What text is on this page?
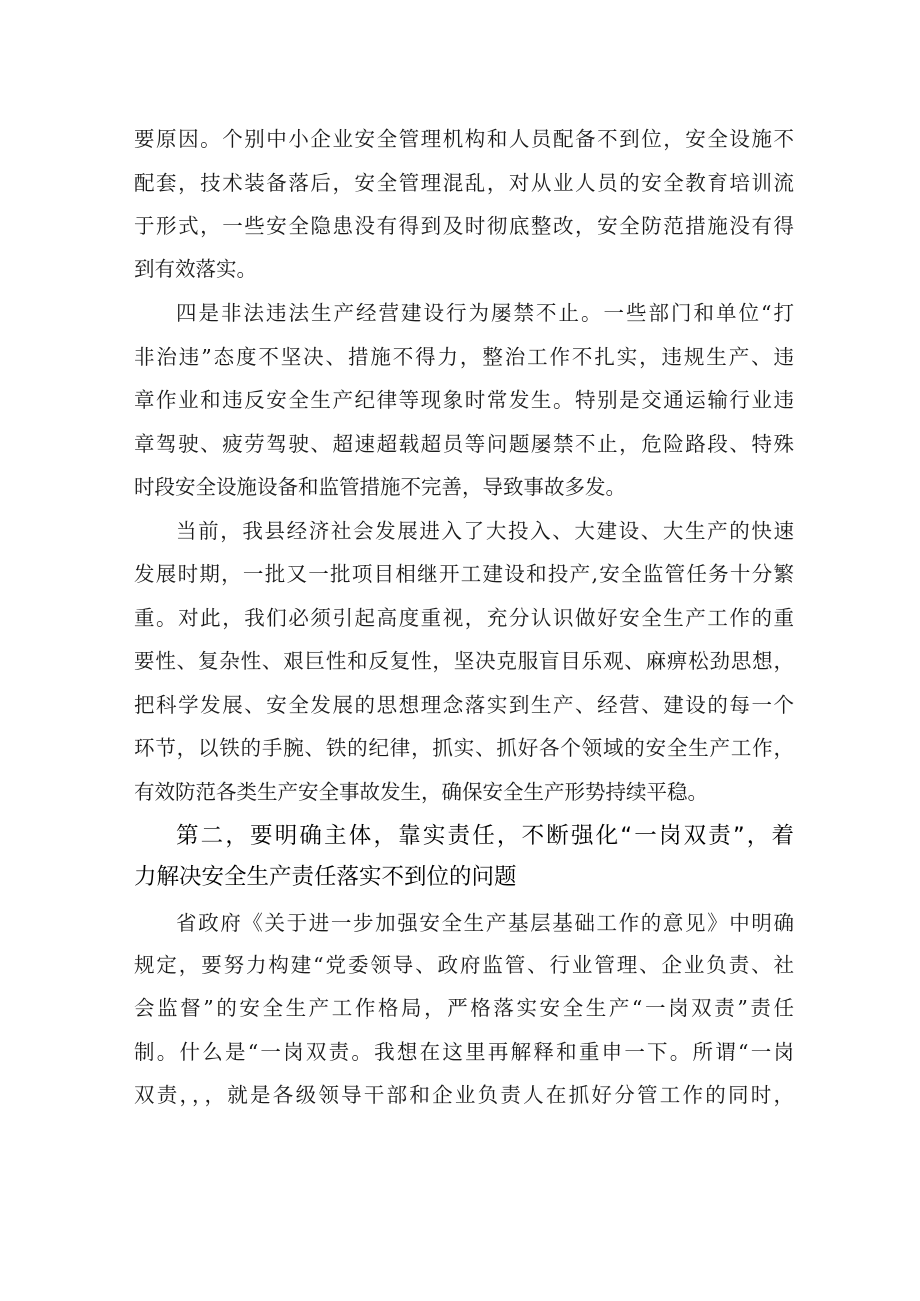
要原因。个别中小企业安全管理机构和人员配备不到位，安全设施不
配套，技术装备落后，安全管理混乱，对从业人员的安全教育培训流
于形式，一些安全隐患没有得到及时彻底整改，安全防范措施没有得
到有效落实。
四是非法违法生产经营建设行为屡禁不止。一些部门和单位“打
非治违”态度不坚决、措施不得力，整治工作不扎实，违规生产、违
章作业和违反安全生产纪律等现象时常发生。特别是交通运输行业违
章驾驶、疲劳驾驶、超速超载超员等问题屡禁不止，危险路段、特殊
时段安全设施设备和监管措施不完善，导致事故多发。
当前，我县经济社会发展进入了大投入、大建设、大生产的快速
发展时期，一批又一批项目相继开工建设和投产,安全监管任务十分繁
重。对此，我们必须引起高度重视，充分认识做好安全生产工作的重
要性、复杂性、艰巨性和反复性，坚决克服盲目乐观、麻痹松劲思想，
把科学发展、安全发展的思想理念落实到生产、经营、建设的每一个
环节，以铁的手腕、铁的纪律，抓实、抓好各个领域的安全生产工作，
有效防范各类生产安全事故发生，确保安全生产形势持续平稳。
第二，要明确主体，靠实责任，不断强化“一岗双责”，着
力解决安全生产责任落实不到位的问题
省政府《关于进一步加强安全生产基层基础工作的意见》中明确
规定，要努力构建“党委领导、政府监管、行业管理、企业负责、社
会监督”的安全生产工作格局，严格落实安全生产“一岗双责”责任
制。什么是“一岗双责。我想在这里再解释和重申一下。所谓“一岗
双责，，，就是各级领导干部和企业负责人在抓好分管工作的同时，
